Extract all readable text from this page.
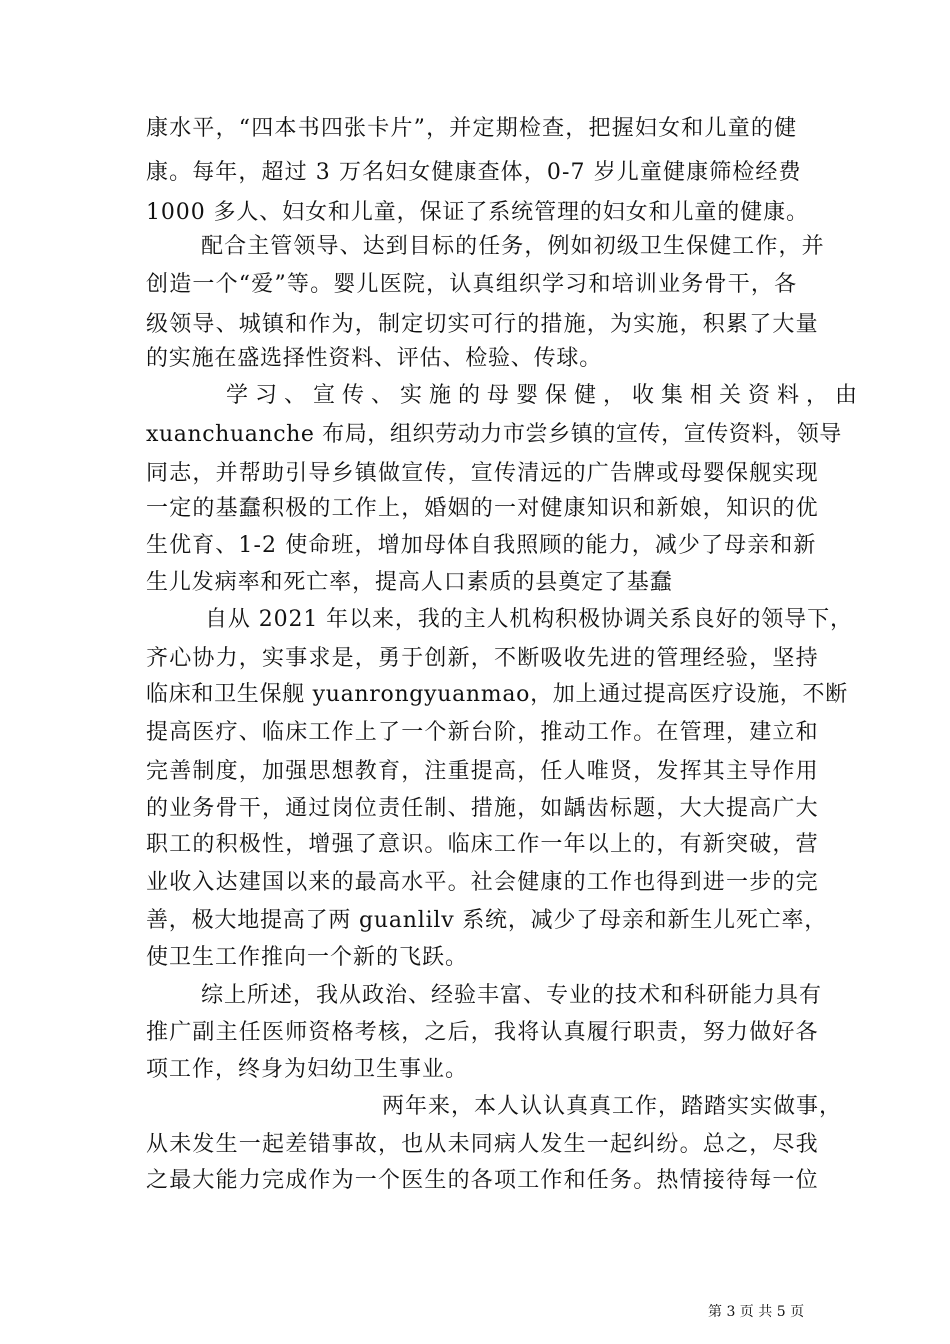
康水平，“四本书四张卡片”，并定期检查，把握妇女和儿童的健

康。每年，超过 3 万名妇女健康查体，0-7 岁儿童健康筛检经费

1000 多人、妇女和儿童，保证了系统管理的妇女和儿童的健康。

配合主管领导、达到目标的任务，例如初级卫生保健工作，并

创造一个“爱”等。婴儿医院，认真组织学习和培训业务骨干，各

级领导、城镇和作为，制定切实可行的措施，为实施，积累了大量

的实施在盛选择性资料、评估、检验、传球。

学习、宣传、实施的母婴保健，收集相关资料，由

xuanchuanche 布局，组织劳动力市尝乡镇的宣传，宣传资料，领导

同志，并帮助引导乡镇做宣传，宣传清远的广告牌或母婴保舰实现

一定的基蠢积极的工作上，婚姻的一对健康知识和新娘，知识的优

生优育、1-2 使命班，增加母体自我照顾的能力，减少了母亲和新

生儿发病率和死亡率，提高人口素质的县奠定了基蠢

自从 2021 年以来，我的主人机构积极协调关系良好的领导下，

齐心协力，实事求是，勇于创新，不断吸收先进的管理经验，坚持

临床和卫生保舰 yuanrongyuanmao，加上通过提高医疗设施，不断

提高医疗、临床工作上了一个新台阶，推动工作。在管理，建立和

完善制度，加强思想教育，注重提高，任人唯贤，发挥其主导作用

的业务骨干，通过岗位责任制、措施，如龋齿标题，大大提高广大

职工的积极性，增强了意识。临床工作一年以上的，有新突破，营

业收入达建国以来的最高水平。社会健康的工作也得到进一步的完

善，极大地提高了两 guanlilv 系统，减少了母亲和新生儿死亡率，

使卫生工作推向一个新的飞跃。

综上所述，我从政治、经验丰富、专业的技术和科研能力具有

推广副主任医师资格考核，之后，我将认真履行职责，努力做好各

项工作，终身为妇幼卫生事业。

两年来，本人认认真真工作，踏踏实实做事，

从未发生一起差错事故，也从未同病人发生一起纠纷。总之，尽我

之最大能力完成作为一个医生的各项工作和任务。热情接待每一位

第 3 页 共 5 页
